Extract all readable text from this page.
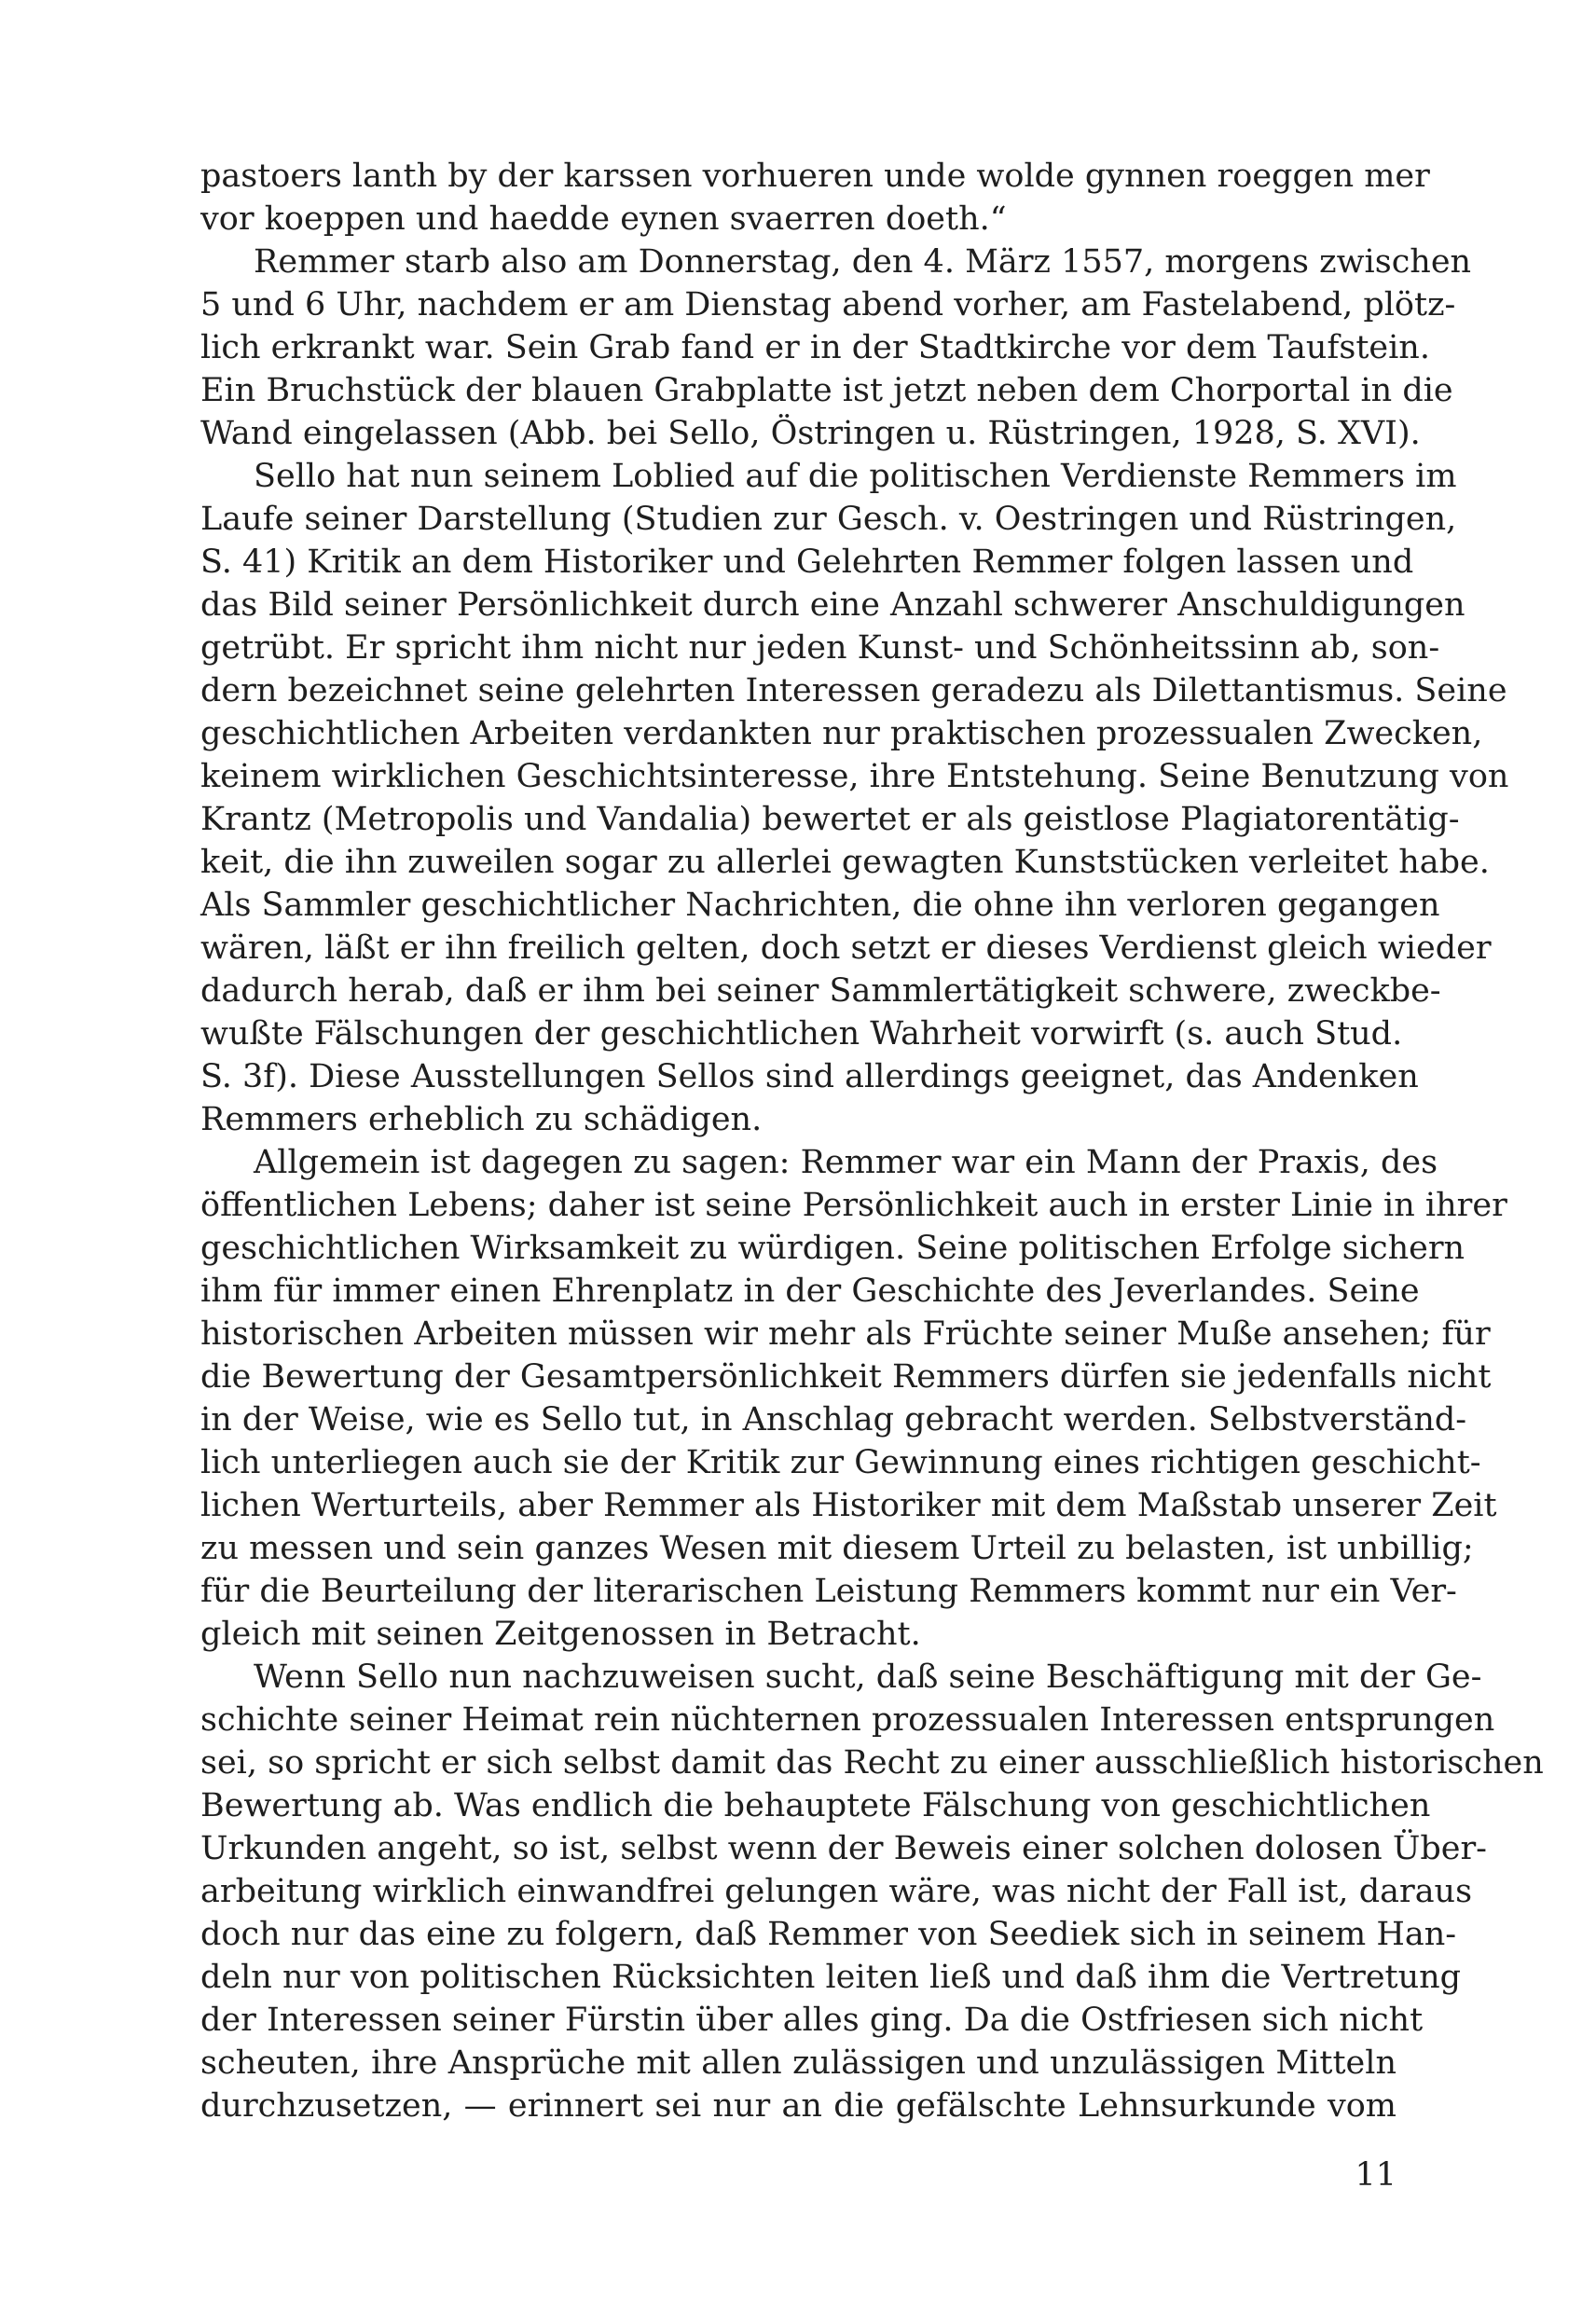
pastoers lanth by der karssen vorhueren unde wolde gynnen roeggen mer
vor koeppen und haedde eynen svaerren doeth.“
Remmer starb also am Donnerstag, den 4. März 1557, morgens zwischen
5 und 6 Uhr, nachdem er am Dienstag abend vorher, am Fastelabend, plötz-
lich erkrankt war. Sein Grab fand er in der Stadtkirche vor dem Taufstein.
Ein Bruchstück der blauen Grabplatte ist jetzt neben dem Chorportal in die
Wand eingelassen (Abb. bei Sello, Östringen u. Rüstringen, 1928, S. XVI).
Sello hat nun seinem Loblied auf die politischen Verdienste Remmers im
Laufe seiner Darstellung (Studien zur Gesch. v. Oestringen und Rüstringen,
S. 41) Kritik an dem Historiker und Gelehrten Remmer folgen lassen und
das Bild seiner Persönlichkeit durch eine Anzahl schwerer Anschuldigungen
getrübt. Er spricht ihm nicht nur jeden Kunst- und Schönheitssinn ab, son-
dern bezeichnet seine gelehrten Interessen geradezu als Dilettantismus. Seine
geschichtlichen Arbeiten verdankten nur praktischen prozessualen Zwecken,
keinem wirklichen Geschichtsinteresse, ihre Entstehung. Seine Benutzung von
Krantz (Metropolis und Vandalia) bewertet er als geistlose Plagiatorentätig-
keit, die ihn zuweilen sogar zu allerlei gewagten Kunststücken verleitet habe.
Als Sammler geschichtlicher Nachrichten, die ohne ihn verloren gegangen
wären, läßt er ihn freilich gelten, doch setzt er dieses Verdienst gleich wieder
dadurch herab, daß er ihm bei seiner Sammlertätigkeit schwere, zweckbe-
wußte Fälschungen der geschichtlichen Wahrheit vorwirft (s. auch Stud.
S. 3f). Diese Ausstellungen Sellos sind allerdings geeignet, das Andenken
Remmers erheblich zu schädigen.
Allgemein ist dagegen zu sagen: Remmer war ein Mann der Praxis, des
öffentlichen Lebens; daher ist seine Persönlichkeit auch in erster Linie in ihrer
geschichtlichen Wirksamkeit zu würdigen. Seine politischen Erfolge sichern
ihm für immer einen Ehrenplatz in der Geschichte des Jeverlandes. Seine
historischen Arbeiten müssen wir mehr als Früchte seiner Muße ansehen; für
die Bewertung der Gesamtpersönlichkeit Remmers dürfen sie jedenfalls nicht
in der Weise, wie es Sello tut, in Anschlag gebracht werden. Selbstverständ-
lich unterliegen auch sie der Kritik zur Gewinnung eines richtigen geschicht-
lichen Werturteils, aber Remmer als Historiker mit dem Maßstab unserer Zeit
zu messen und sein ganzes Wesen mit diesem Urteil zu belasten, ist unbillig;
für die Beurteilung der literarischen Leistung Remmers kommt nur ein Ver-
gleich mit seinen Zeitgenossen in Betracht.
Wenn Sello nun nachzuweisen sucht, daß seine Beschäftigung mit der Ge-
schichte seiner Heimat rein nüchternen prozessualen Interessen entsprungen
sei, so spricht er sich selbst damit das Recht zu einer ausschließlich historischen
Bewertung ab. Was endlich die behauptete Fälschung von geschichtlichen
Urkunden angeht, so ist, selbst wenn der Beweis einer solchen dolosen Über-
arbeitung wirklich einwandfrei gelungen wäre, was nicht der Fall ist, daraus
doch nur das eine zu folgern, daß Remmer von Seediek sich in seinem Han-
deln nur von politischen Rücksichten leiten ließ und daß ihm die Vertretung
der Interessen seiner Fürstin über alles ging. Da die Ostfriesen sich nicht
scheuten, ihre Ansprüche mit allen zulässigen und unzulässigen Mitteln
durchzusetzen, — erinnert sei nur an die gefälschte Lehnsurkunde vom
11
